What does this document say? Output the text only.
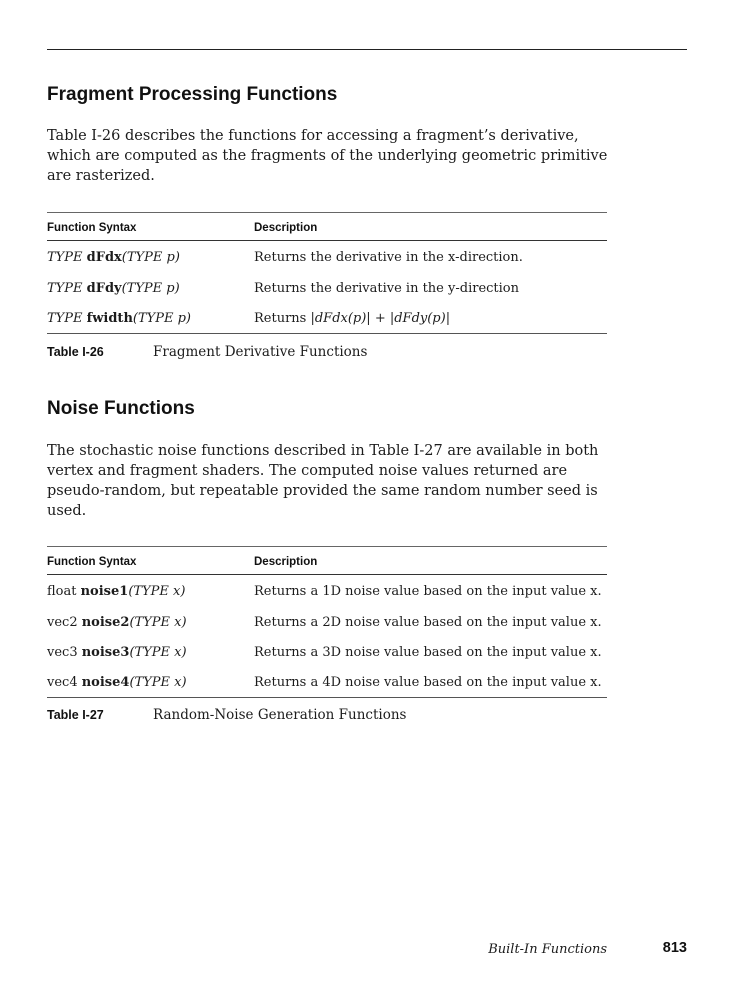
Fragment Processing Functions

Table I-26 describes the functions for accessing a fragment’s derivative, which are computed as the fragments of the underlying geometric primitive are rasterized.

Function Syntax	Description
TYPE dFdx(TYPE p)	Returns the derivative in the x-direction.
TYPE dFdy(TYPE p)	Returns the derivative in the y-direction
TYPE fwidth(TYPE p)	Returns |dFdx(p)| + |dFdy(p)|

Table I-26	Fragment Derivative Functions

Noise Functions

The stochastic noise functions described in Table I-27 are available in both vertex and fragment shaders. The computed noise values returned are pseudo-random, but repeatable provided the same random number seed is used.

Function Syntax	Description
float noise1(TYPE x)	Returns a 1D noise value based on the input value x.
vec2 noise2(TYPE x)	Returns a 2D noise value based on the input value x.
vec3 noise3(TYPE x)	Returns a 3D noise value based on the input value x.
vec4 noise4(TYPE x)	Returns a 4D noise value based on the input value x.

Table I-27	Random-Noise Generation Functions

Built-In Functions	813
